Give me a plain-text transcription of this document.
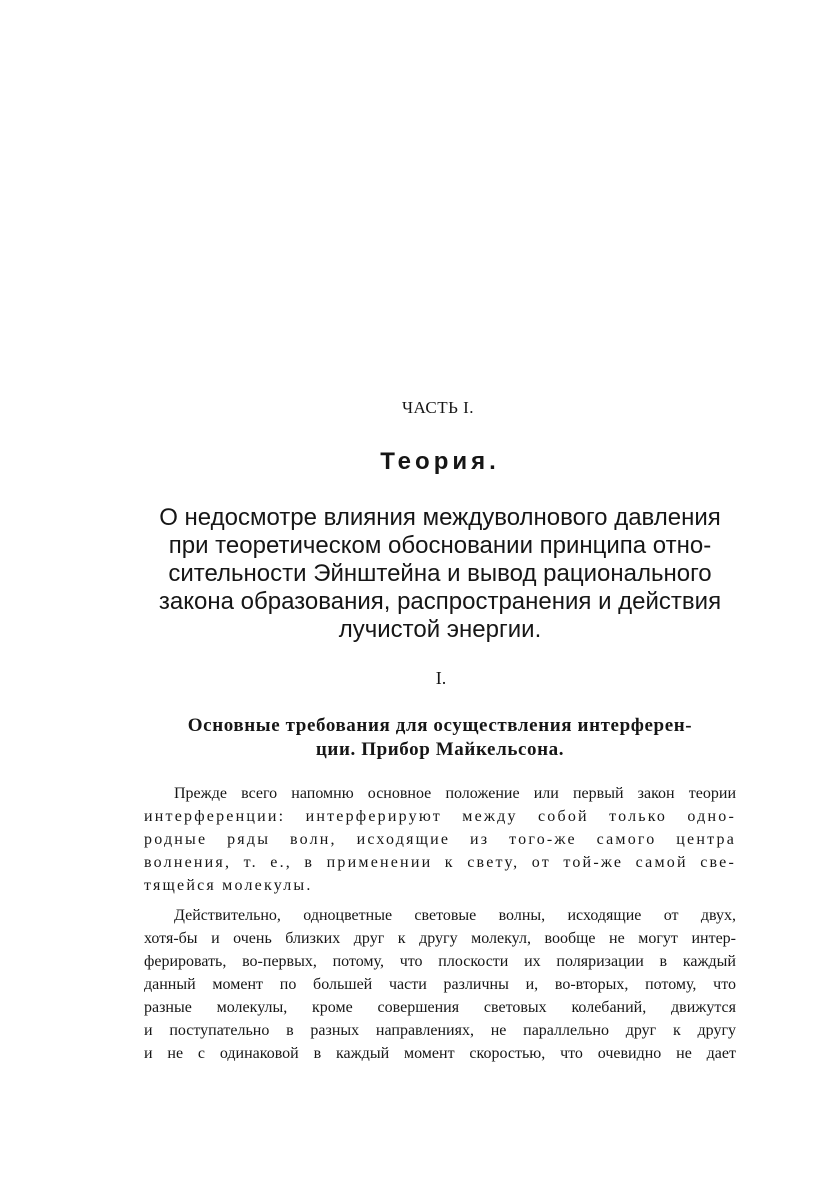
ЧАСТЬ I.
Теория.
О недосмотре влияния междуволнового давления
при теоретическом обосновании принципа отно-
сительности Эйнштейна и вывод рационального
закона образования, распространения и действия
лучистой энергии.
I.
Основные требования для осуществления интерферен-
ции. Прибор Майкельсона.
Прежде всего напомню основное положение или первый закон теории
интерференции: интерферируют между собой только одно-
родные ряды волн, исходящие из того-же самого центра
волнения, т. е., в применении к свету, от той-же самой све-
тящейся молекулы.
Действительно, одноцветные световые волны, исходящие от двух,
хотя-бы и очень близких друг к другу молекул, вообще не могут интер-
ферировать, во-первых, потому, что плоскости их поляризации в каждый
данный момент по большей части различны и, во-вторых, потому, что
разные молекулы, кроме совершения световых колебаний, движутся
и поступательно в разных направлениях, не параллельно друг к другу
и не с одинаковой в каждый момент скоростью, что очевидно не дает
